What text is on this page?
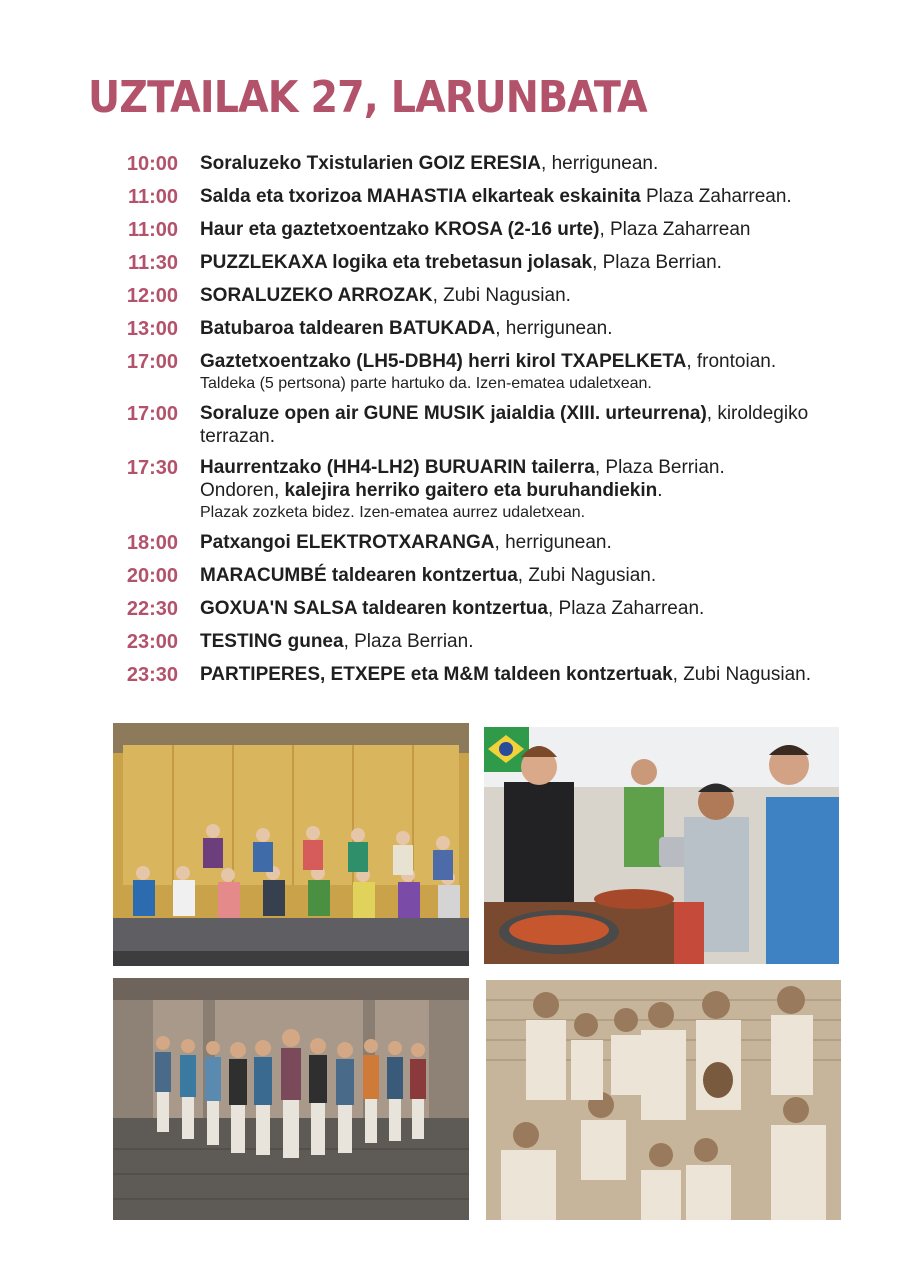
UZTAILAK 27, LARUNBATA
10:00 Soraluzeko Txistularien GOIZ ERESIA, herrigunean.
11:00 Salda eta txorizoa MAHASTIA elkarteak eskainita Plaza Zaharrean.
11:00 Haur eta gaztetxoentzako KROSA (2-16 urte), Plaza Zaharrean
11:30 PUZZLEKAXA logika eta trebetasun jolasak, Plaza Berrian.
12:00 SORALUZEKO ARROZAK, Zubi Nagusian.
13:00 Batubaroa taldearen BATUKADA, herrigunean.
17:00 Gaztetxoentzako (LH5-DBH4) herri kirol TXAPELKETA, frontoian.
Taldeka (5 pertsona) parte hartuko da. Izen-ematea udaletxean.
17:00 Soraluze open air GUNE MUSIK jaialdia (XIII. urteurrena), kiroldegiko terrazan.
17:30 Haurrentzako (HH4-LH2) BURUARIN tailerra, Plaza Berrian.
Ondoren, kalejira herriko gaitero eta buruhandiekin.
Plazak zozketa bidez. Izen-ematea aurrez udaletxean.
18:00 Patxangoi ELEKTROTXARANGA, herrigunean.
20:00 MARACUMBÉ taldearen kontzertua, Zubi Nagusian.
22:30 GOXUA'N SALSA taldearen kontzertua, Plaza Zaharrean.
23:00 TESTING gunea, Plaza Berrian.
23:30 PARTIPERES, ETXEPE eta M&M taldeen kontzertuak, Zubi Nagusian.
